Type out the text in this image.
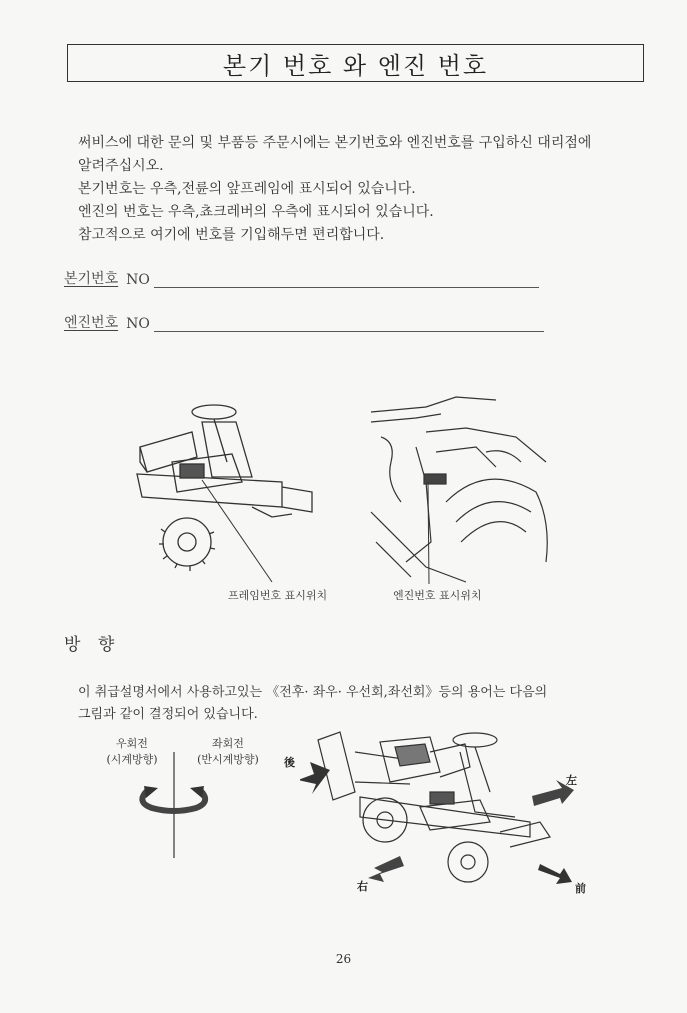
본기 번호 와 엔진 번호

써비스에 대한 문의 및 부품등 주문시에는 본기번호와 엔진번호를 구입하신 대리점에

알려주십시오.

본기번호는 우측,전륜의 앞프레임에 표시되어 있습니다.

엔진의 번호는 우측,쵸크레버의 우측에 표시되어 있습니다.

참고적으로 여기에 번호를 기입해두면 편리합니다.

본기번호 NO
엔진번호 NO
프레임번호 표시위치	엔진번호 표시위치
방 향

이 취급설명서에서 사용하고있는 《전후· 좌우· 우선회,좌선회》등의 용어는 다음의

그림과 같이 결정되어 있습니다.

우회전
(시계방향)
좌회전
(반시계방향)	後
左
右	前
26
